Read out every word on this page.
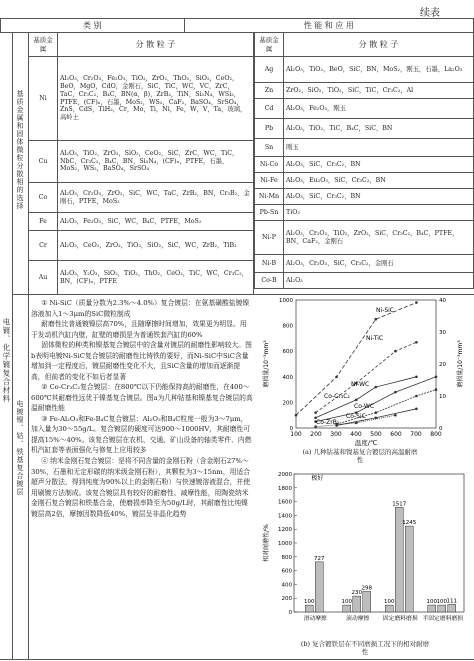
续表
类 别	性 能 和 应 用
电镀、化学镀复合材料
基质金属和固体微粒分散相的选择
电镀镍、钴、铁基复合镀层
基质金属	分 散 粒 子
Ni	Al₂O₃，Cr₂O₃，Fe₂O₃，TiO₂，ZrO₂，ThO₂，SiO₂，CeO₂，BeO，MgO，CdO，金刚石，SiC，TiC，WC，VC，ZrC，TaC，Cr₃C₂，B₄C，BN(α，β)，ZrB₂，TiN，Si₃N₄，WSi₂，PTFE，(CF)ₙ，石墨，MoS₂，WS₂，CaF₂，BaSO₄，SrSO₄，ZnS，CdS，TiH₂，Cr，Mo，Ti，Ni，Fe，W，V，Ta，玻璃，高岭土
Cu	Al₂O₃，TiO₂，ZrO₂，SiO₂，CeO₂，SiC，ZrC，WC，TiC，NbC，Cr₃C₂，B₄C，BN，Si₃N₄，(CF)ₙ，PTFE，石墨，MoS₂，WS₂，BaSO₄，SrSO₄
Co	Al₂O₃，Cr₂O₃，ZrO₂，SiC，WC，TaC，ZrB₂，BN，Cr₃B₂，金刚石，PTFE，MoS₂
Fe	Al₂O₃，Fe₂O₃，SiC，WC，B₄C，PTFE，MoS₂
Cr	Al₂O₃，CeO₂，ZrO₂，TiO₂，SiO₂，SiC，WC，ZrB₂，TiB₂
Au	Al₂O₃，Y₂O₃，SiO₂，TiO₂，ThO₂，CeO₂，TiC，WC，Cr₃C₂，BN，(CF)ₙ，PTFE
基质金属	分 散 粒 子
Ag	Al₂O₃，TiO₂，BeO，SiC，BN，MoS₂，刚玉，石墨，La₂O₃
Zn	ZrO₂，SiO₂，TiO₂，SiC，TiC，Cr₃C₂，Al
Cd	Al₂O₃，Fe₂O₃，刚玉
Pb	Al₂O₃，TiO₂，TiC，B₄C，SiC，BN
Sn	刚玉
Ni-Co	Al₂O₃，SiC，Cr₃C₂，BN
Ni-Fe	Al₂O₃，Eu₂O₃，SiC，Cr₃C₂，BN
Ni-Mn	Al₂O₃，SiC，Cr₃C₂，BN
Pb-Sn	TiO₂
Ni-P	Al₂O₃，Cr₂O₃，TiO₂，ZrO₂，SiC，Cr₃C₂，B₄C，PTFE，BN，CaF₂，金刚石
Ni-B	Al₂O₃，Cr₂O₃，SiC，Cr₃C₂，金刚石
Co-B	Al₂O₃
① Ni-SiC（质量分数为2.3%～4.0%）复合镀层：在氨基磺酸盐镀镍溶液加入1～3μm的SiC微粒制成
耐磨性比普通镀镍层高70%，且随摩擦时间增加，效果更为明显。用于发动机汽缸内壁，缸壁的磨损是为普通铁套汽缸的60%
固体微粒的种类和镍基复合镀层中的含量对镀层的耐磨性影响较大。图b表明电镀Ni-SiC复合镀层的耐磨性比铸铁的要好，而Ni-SiC中SiC含量增加到一定程度后，镀层耐磨性变化不大，且SiC含量的增加而逐渐提高，但前者的变化不如后者显著
② Co-Cr₃C₂复合镀层：在800℃以下仍能保持高的耐磨性，在400～600℃其耐磨性远优于镍基复合镀层。图a为几种钴基和镍基复合镀层的高温耐磨性能
③ Fe-Al₂O₃和Fe-B₄C复合镀层：Al₂O₃和B₄C粒度一般为3～7μm，加入量为30～55g/L。复合镀层的硬度可达900～1000HV，其耐磨性可提高15%～40%。该复合镀层在农机、交通、矿山设备的轴类零件、内燃机汽缸套等表面强化与修复上应用较多
④ 纳米金刚石复合镀层：是将不同含量的金刚石粉（含金刚石27%～30%，石墨和无定形碳的纳米级金刚石粉），其颗粒为3～15nm，用适合超声分散法，得到纯度为90%以上的金刚石粉）与快速镀溶液混合，并使用刷镀方法制成。该复合镀层具有较好的耐磨性、减摩性能，用陶瓷纳米金刚石复合镀层和铁基合金，使磨损率降至为50g/L时，其耐磨性比纯镍镀层高2倍，摩擦因数降低40%，镀层呈非晶化趋势
100 200 300 400 500 600 700 800
0
200
400
600
800
1000
0
10
20
30
40
温度/℃
磨损量/10⁻³mm³	磨损量/10⁻³mm³
Ni-SiC
Ni-TiC
Ni-WC
Co-Cr₃C₂
Co-WC
Co-SiC
Co-ZrB₂
(a) 几种钴基和镍基复合镀层的高温耐磨性
0
200
400
600
800
1000
1200
1400
1600
1800
2000
相对耐磨性/%
100
727
滑动摩擦
100
230
298
滚动摩擦
100
1517
1245
固定磨料磨损
100 100 111
半固定磨料磨损
极好
(b) 复合镀铁层在不同磨损工况下的相对耐磨性
